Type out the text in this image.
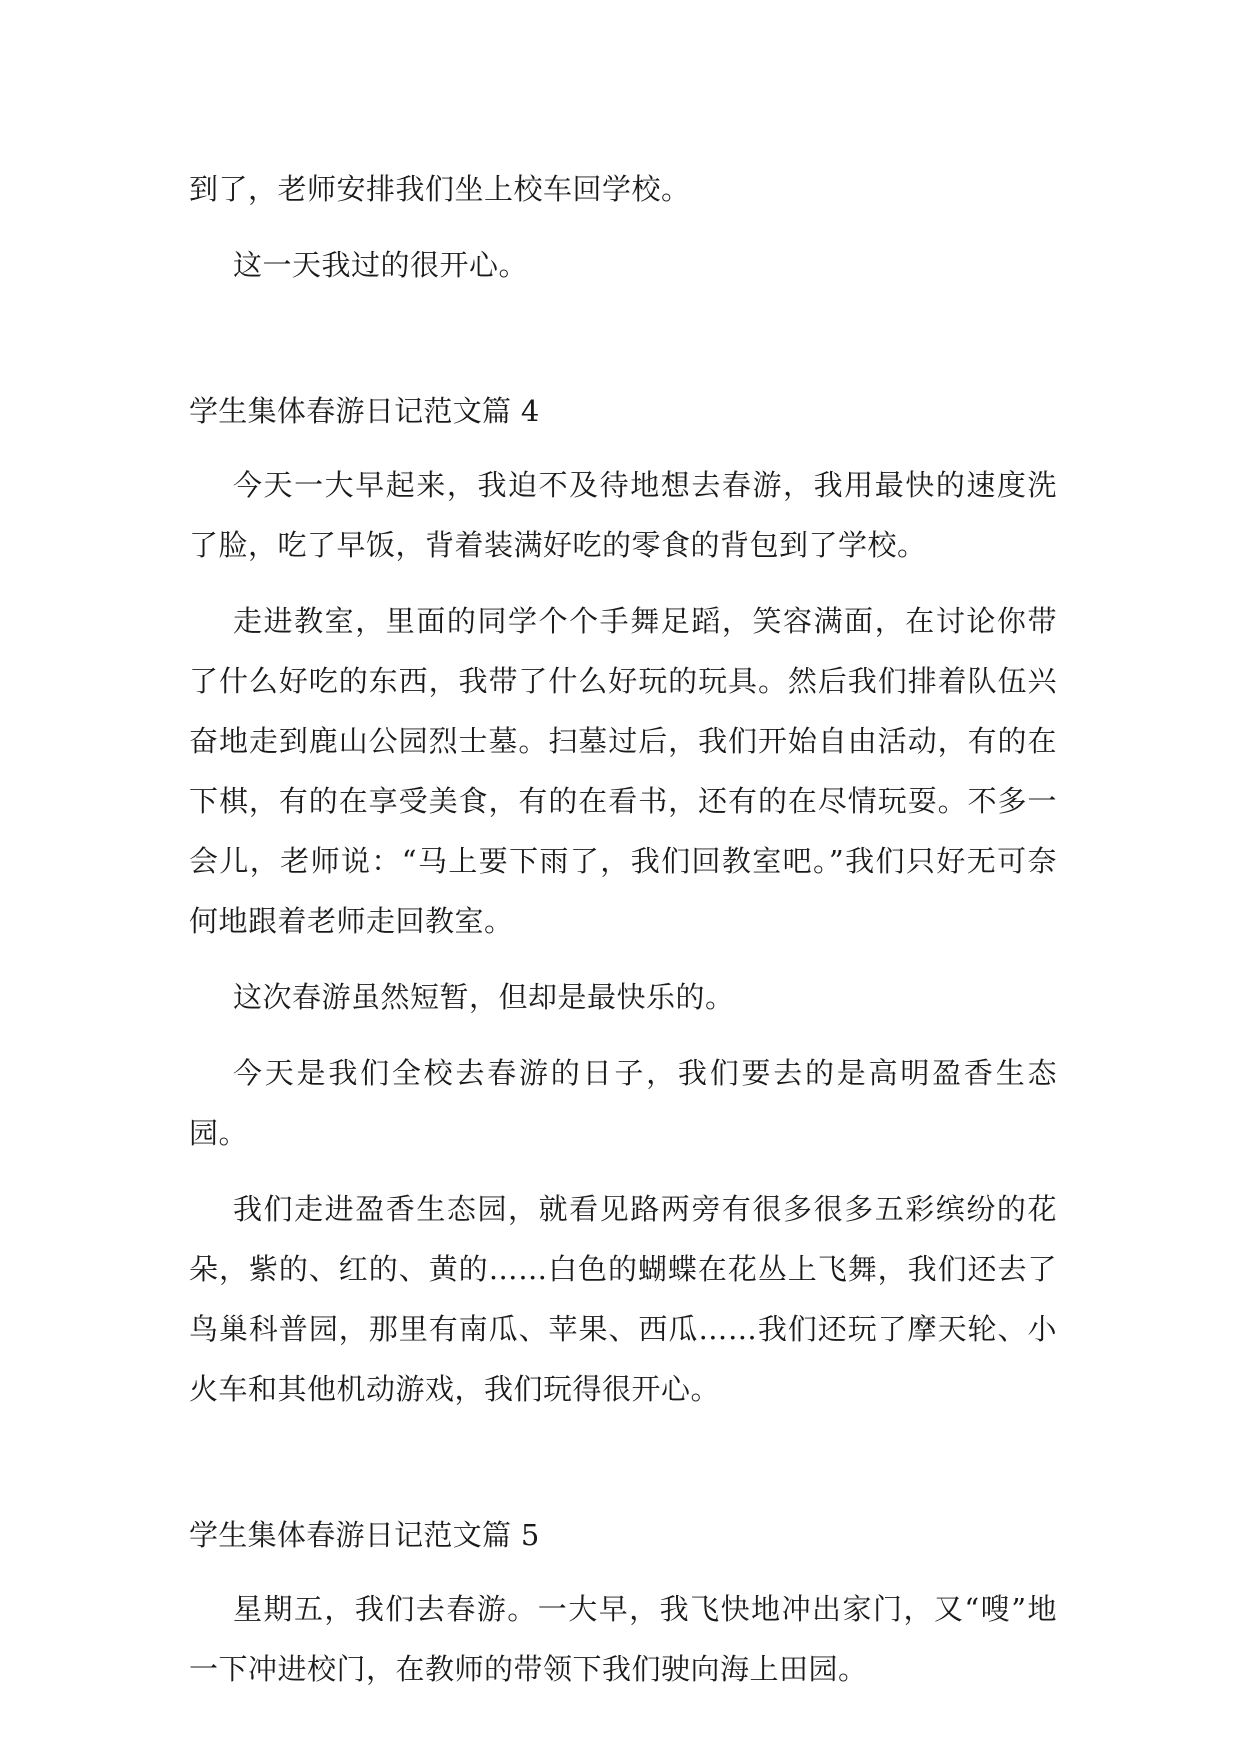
到了，老师安排我们坐上校车回学校。

这一天我过的很开心。

学生集体春游日记范文篇 4

今天一大早起来，我迫不及待地想去春游，我用最快的速度洗了脸，吃了早饭，背着装满好吃的零食的背包到了学校。

走进教室，里面的同学个个手舞足蹈，笑容满面，在讨论你带了什么好吃的东西，我带了什么好玩的玩具。然后我们排着队伍兴奋地走到鹿山公园烈士墓。扫墓过后，我们开始自由活动，有的在下棋，有的在享受美食，有的在看书，还有的在尽情玩耍。不多一会儿，老师说：“马上要下雨了，我们回教室吧。”我们只好无可奈何地跟着老师走回教室。

这次春游虽然短暂，但却是最快乐的。

今天是我们全校去春游的日子，我们要去的是高明盈香生态园。

我们走进盈香生态园，就看见路两旁有很多很多五彩缤纷的花朵，紫的、红的、黄的……白色的蝴蝶在花丛上飞舞，我们还去了鸟巢科普园，那里有南瓜、苹果、西瓜……我们还玩了摩天轮、小火车和其他机动游戏，我们玩得很开心。

学生集体春游日记范文篇 5

星期五，我们去春游。一大早，我飞快地冲出家门，又“嗖”地一下冲进校门，在教师的带领下我们驶向海上田园。
